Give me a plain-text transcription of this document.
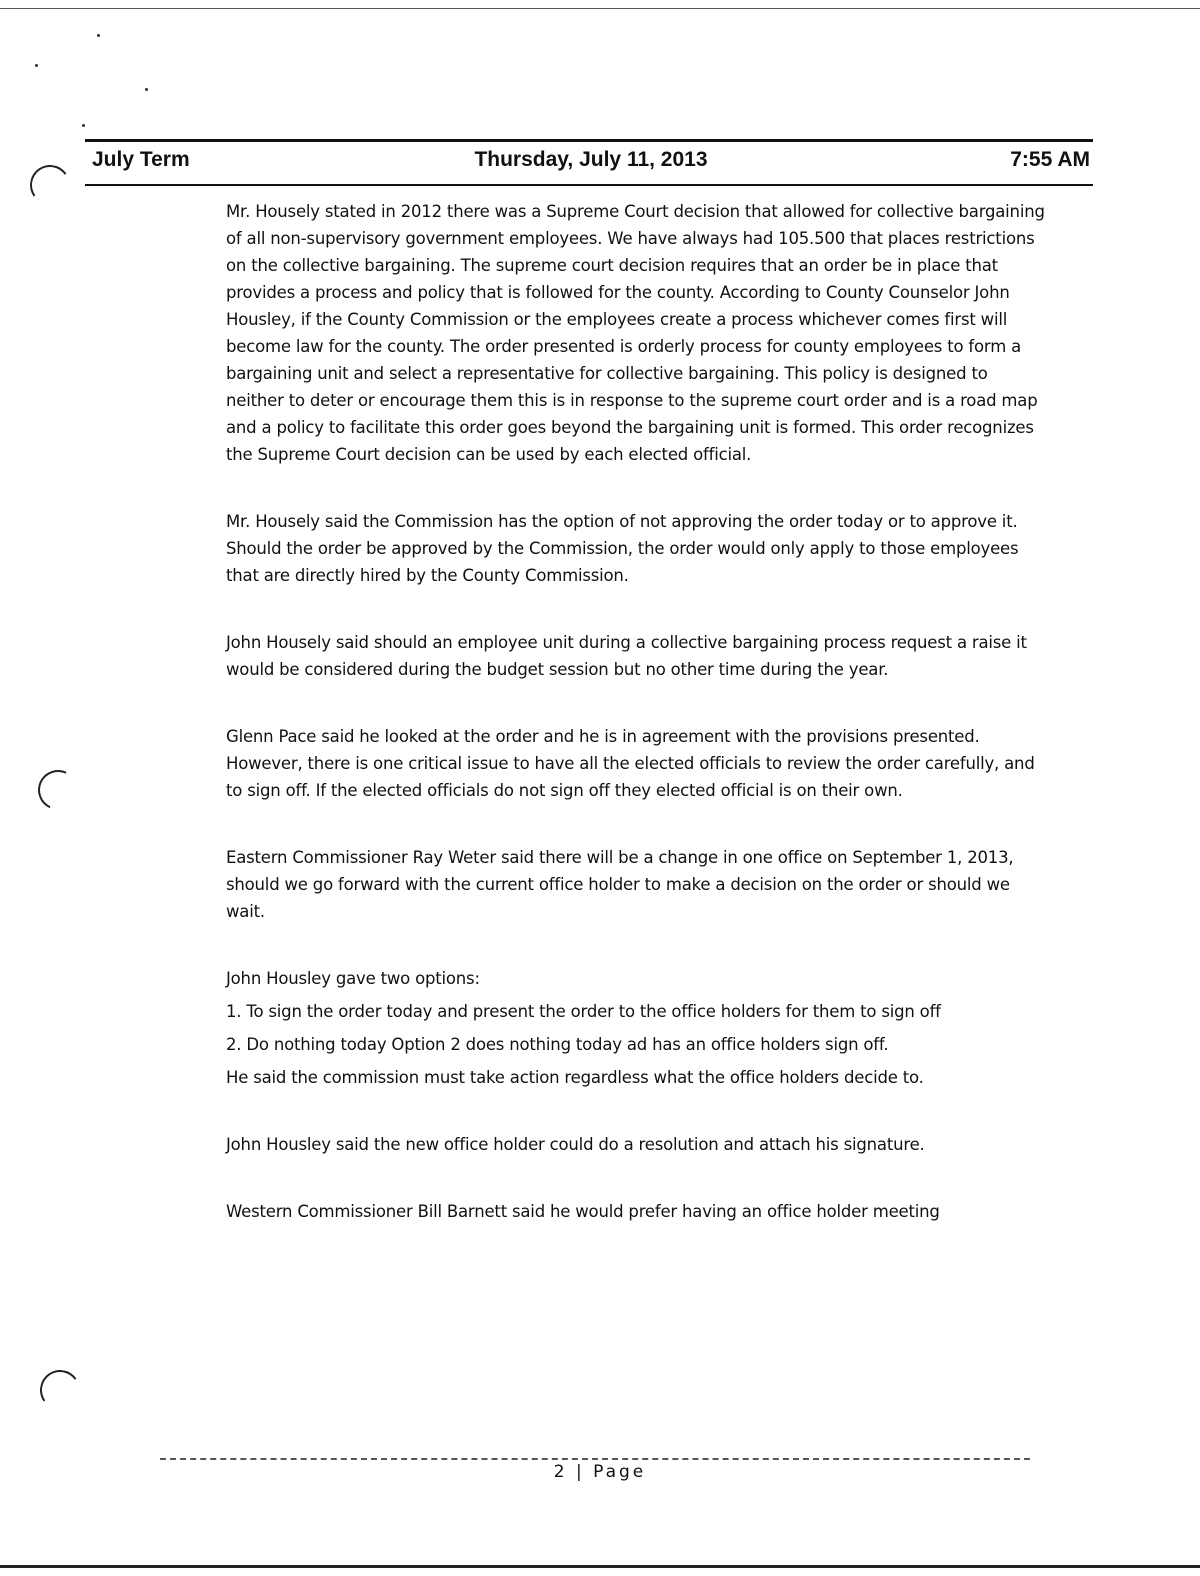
July Term	Thursday, July 11, 2013	7:55 AM

Mr. Housely stated in 2012 there was a Supreme Court decision that allowed for collective bargaining of all non-supervisory government employees. We have always had 105.500 that places restrictions on the collective bargaining. The supreme court decision requires that an order be in place that provides a process and policy that is followed for the county. According to County Counselor John Housley, if the County Commission or the employees create a process whichever comes first will become law for the county. The order presented is orderly process for county employees to form a bargaining unit and select a representative for collective bargaining. This policy is designed to neither to deter or encourage them this is in response to the supreme court order and is a road map and a policy to facilitate this order goes beyond the bargaining unit is formed. This order recognizes the Supreme Court decision can be used by each elected official.

Mr. Housely said the Commission has the option of not approving the order today or to approve it. Should the order be approved by the Commission, the order would only apply to those employees that are directly hired by the County Commission.

John Housely said should an employee unit during a collective bargaining process request a raise it would be considered during the budget session but no other time during the year.

Glenn Pace said he looked at the order and he is in agreement with the provisions presented. However, there is one critical issue to have all the elected officials to review the order carefully, and to sign off. If the elected officials do not sign off they elected official is on their own.

Eastern Commissioner Ray Weter said there will be a change in one office on September 1, 2013, should we go forward with the current office holder to make a decision on the order or should we wait.

John Housley gave two options:

1. To sign the order today and present the order to the office holders for them to sign off

2. Do nothing today Option 2 does nothing today ad has an office holders sign off.

He said the commission must take action regardless what the office holders decide to.

John Housley said the new office holder could do a resolution and attach his signature.

Western Commissioner Bill Barnett said he would prefer having an office holder meeting

2 | Page
